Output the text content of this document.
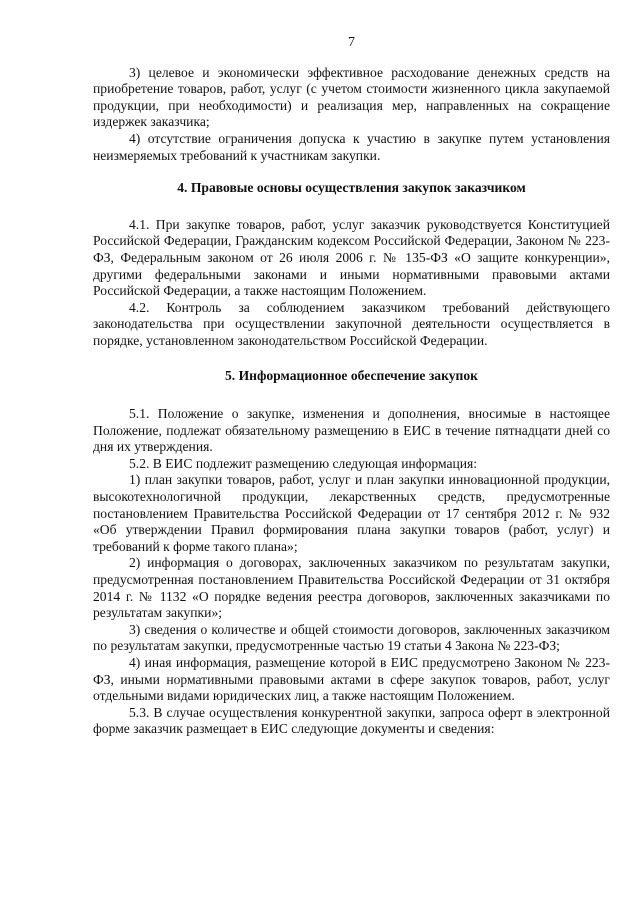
7

3) целевое и экономически эффективное расходование денежных средств на приобретение товаров, работ, услуг (с учетом стоимости жизненного цикла закупаемой продукции, при необходимости) и реализация мер, направленных на сокращение издержек заказчика;

4) отсутствие ограничения допуска к участию в закупке путем установления неизмеряемых требований к участникам закупки.

4. Правовые основы осуществления закупок заказчиком

4.1. При закупке товаров, работ, услуг заказчик руководствуется Конституцией Российской Федерации, Гражданским кодексом Российской Федерации, Законом № 223-ФЗ, Федеральным законом от 26 июля 2006 г. № 135-ФЗ «О защите конкуренции», другими федеральными законами и иными нормативными правовыми актами Российской Федерации, а также настоящим Положением.

4.2. Контроль за соблюдением заказчиком требований действующего законодательства при осуществлении закупочной деятельности осуществляется в порядке, установленном законодательством Российской Федерации.

5. Информационное обеспечение закупок

5.1. Положение о закупке, изменения и дополнения, вносимые в настоящее Положение, подлежат обязательному размещению в ЕИС в течение пятнадцати дней со дня их утверждения.

5.2. В ЕИС подлежит размещению следующая информация:

1) план закупки товаров, работ, услуг и план закупки инновационной продукции, высокотехнологичной продукции, лекарственных средств, предусмотренные постановлением Правительства Российской Федерации от 17 сентября 2012 г. № 932 «Об утверждении Правил формирования плана закупки товаров (работ, услуг) и требований к форме такого плана»;

2) информация о договорах, заключенных заказчиком по результатам закупки, предусмотренная постановлением Правительства Российской Федерации от 31 октября 2014 г. № 1132 «О порядке ведения реестра договоров, заключенных заказчиками по результатам закупки»;

3) сведения о количестве и общей стоимости договоров, заключенных заказчиком по результатам закупки, предусмотренные частью 19 статьи 4 Закона № 223-ФЗ;

4) иная информация, размещение которой в ЕИС предусмотрено Законом № 223-ФЗ, иными нормативными правовыми актами в сфере закупок товаров, работ, услуг отдельными видами юридических лиц, а также настоящим Положением.

5.3. В случае осуществления конкурентной закупки, запроса оферт в электронной форме заказчик размещает в ЕИС следующие документы и сведения:
